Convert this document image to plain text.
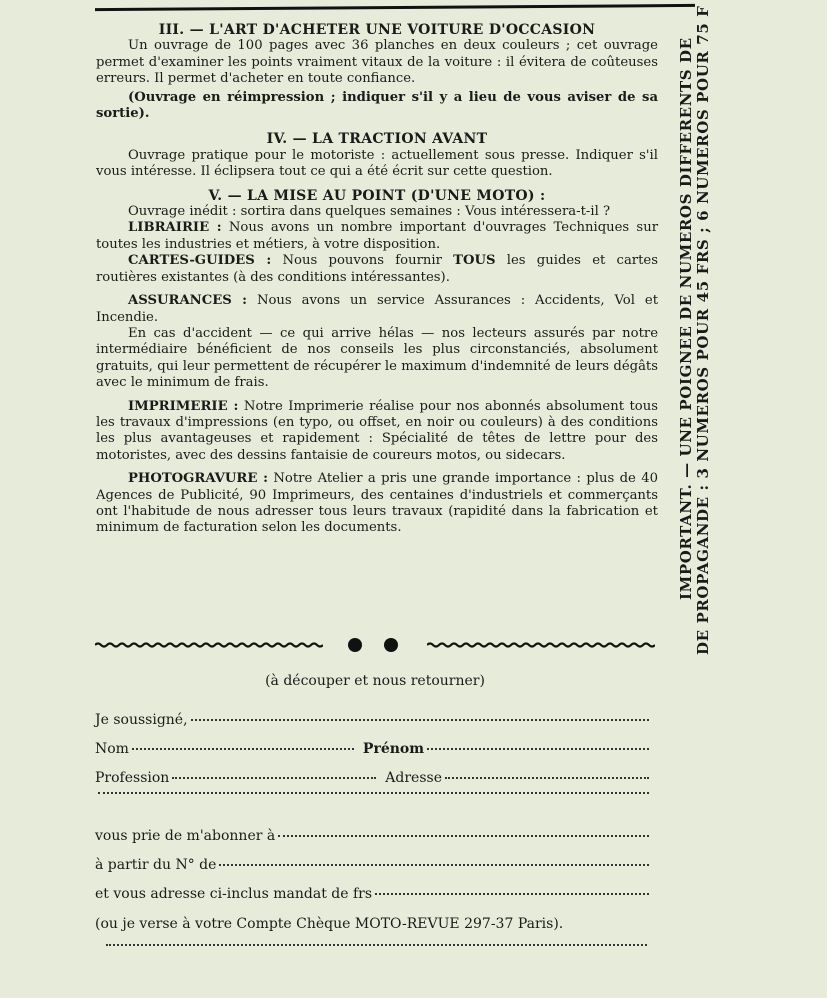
III. — L'ART D'ACHETER UNE VOITURE D'OCCASION

Un ouvrage de 100 pages avec 36 planches en deux couleurs ; cet ouvrage permet d'examiner les points vraiment vitaux de la voiture : il évitera de coûteuses erreurs. Il permet d'acheter en toute confiance.

(Ouvrage en réimpression ; indiquer s'il y a lieu de vous aviser de sa sortie).

IV. — LA TRACTION AVANT

Ouvrage pratique pour le motoriste : actuellement sous presse. Indiquer s'il vous intéresse. Il éclipsera tout ce qui a été écrit sur cette question.

V. — LA MISE AU POINT (D'UNE MOTO) :

Ouvrage inédit : sortira dans quelques semaines : Vous intéressera-t-il ?

LIBRAIRIE : Nous avons un nombre important d'ouvrages Techniques sur toutes les industries et métiers, à votre disposition.

CARTES-GUIDES : Nous pouvons fournir TOUS les guides et cartes routières existantes (à des conditions intéressantes).

ASSURANCES : Nous avons un service Assurances : Accidents, Vol et Incendie.

En cas d'accident — ce qui arrive hélas — nos lecteurs assurés par notre intermédiaire bénéficient de nos conseils les plus circonstanciés, absolument gratuits, qui leur permettent de récupérer le maximum d'indemnité de leurs dégâts avec le minimum de frais.

IMPRIMERIE : Notre Imprimerie réalise pour nos abonnés absolument tous les travaux d'impressions (en typo, ou offset, en noir ou couleurs) à des conditions les plus avantageuses et rapidement : Spécialité de têtes de lettre pour des motoristes, avec des dessins fantaisie de coureurs motos, ou sidecars.

PHOTOGRAVURE : Notre Atelier a pris une grande importance : plus de 40 Agences de Publicité, 90 Imprimeurs, des centaines d'industriels et commerçants ont l'habitude de nous adresser tous leurs travaux (rapidité dans la fabrication et minimum de facturation selon les documents.	IMPORTANT. — UNE POIGNEE DE NUMEROS DIFFERENTS DE DE PROPAGANDE : 3 NUMEROS POUR 45 FRS ; 6 NUMEROS POUR 75 F
(à découper et nous retourner)
Je soussigné,
Nom	Prénom
Profession	Adresse
vous prie de m'abonner à
à partir du N° de
et vous adresse ci-inclus mandat de frs
(ou je verse à votre Compte Chèque MOTO-REVUE 297-37 Paris).
